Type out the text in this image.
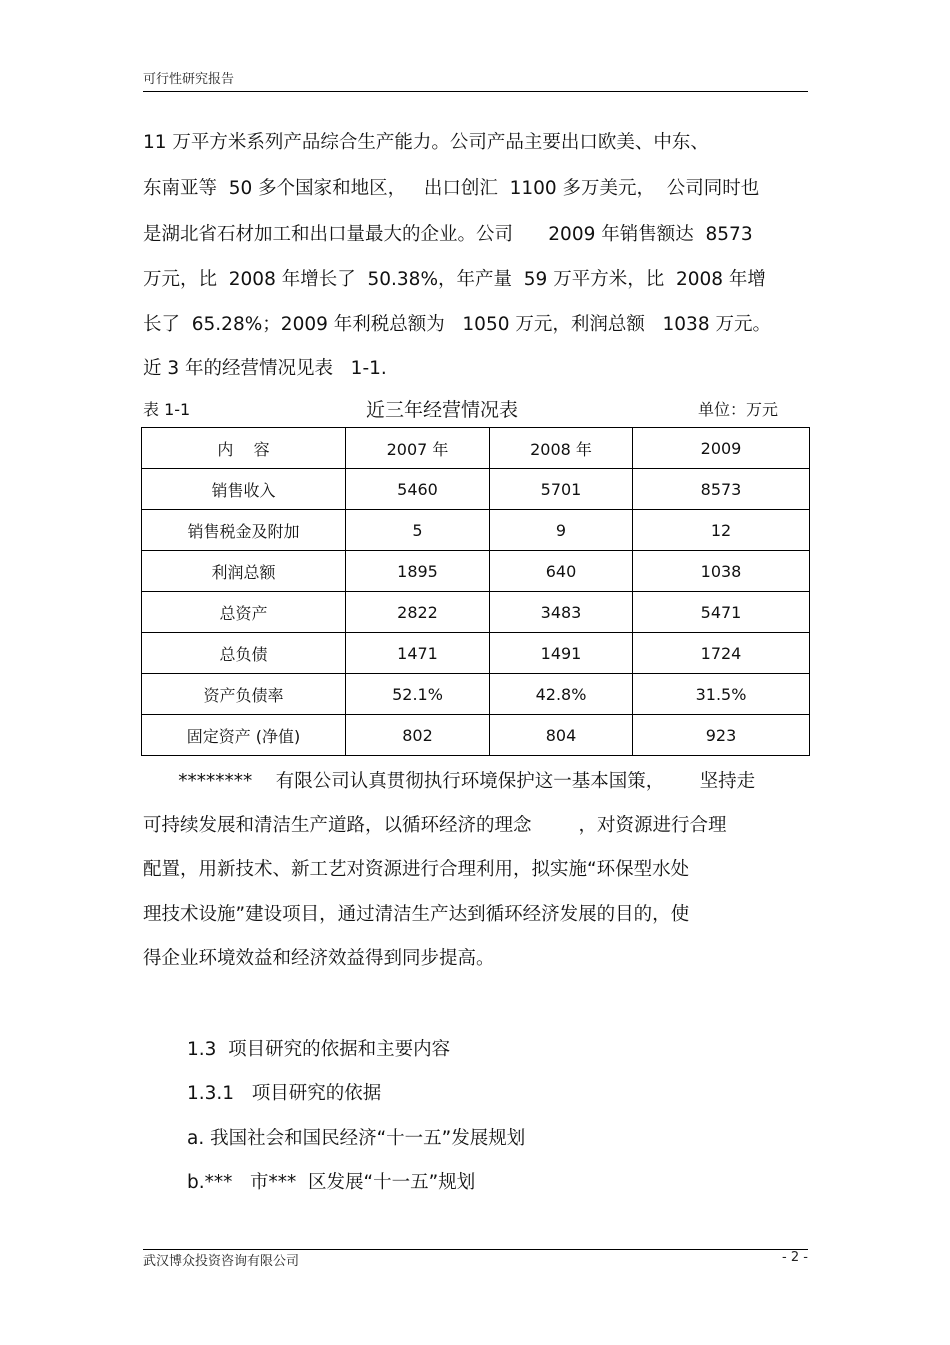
可行性研究报告
11 万平方米系列产品综合生产能力。公司产品主要出口欧美、中东、
东南亚等  50 多个国家和地区，   出口创汇  1100 多万美元，  公司同时也
是湖北省石材加工和出口量最大的企业。公司      2009 年销售额达  8573
万元，比  2008 年增长了  50.38%，年产量  59 万平方米，比  2008 年增
长了  65.28%；2009 年利税总额为   1050 万元，利润总额   1038 万元。
近 3 年的经营情况见表   1-1.
表 1-1	近三年经营情况表	单位：万元
内    容	2007 年	2008 年	2009
销售收入	5460	5701	8573
销售税金及附加	5	9	12
利润总额	1895	640	1038
总资产	2822	3483	5471
总负债	1471	1491	1724
资产负债率	52.1%	42.8%	31.5%
固定资产 (净值)	802	804	923
********    有限公司认真贯彻执行环境保护这一基本国策，      坚持走
可持续发展和清洁生产道路，以循环经济的理念        ，对资源进行合理
配置，用新技术、新工艺对资源进行合理利用，拟实施“环保型水处
理技术设施”建设项目，通过清洁生产达到循环经济发展的目的，使
得企业环境效益和经济效益得到同步提高。
1.3  项目研究的依据和主要内容
1.3.1   项目研究的依据
a. 我国社会和国民经济“十一五”发展规划
b.***   市***  区发展“十一五”规划
武汉博众投资咨询有限公司	- 2 -
